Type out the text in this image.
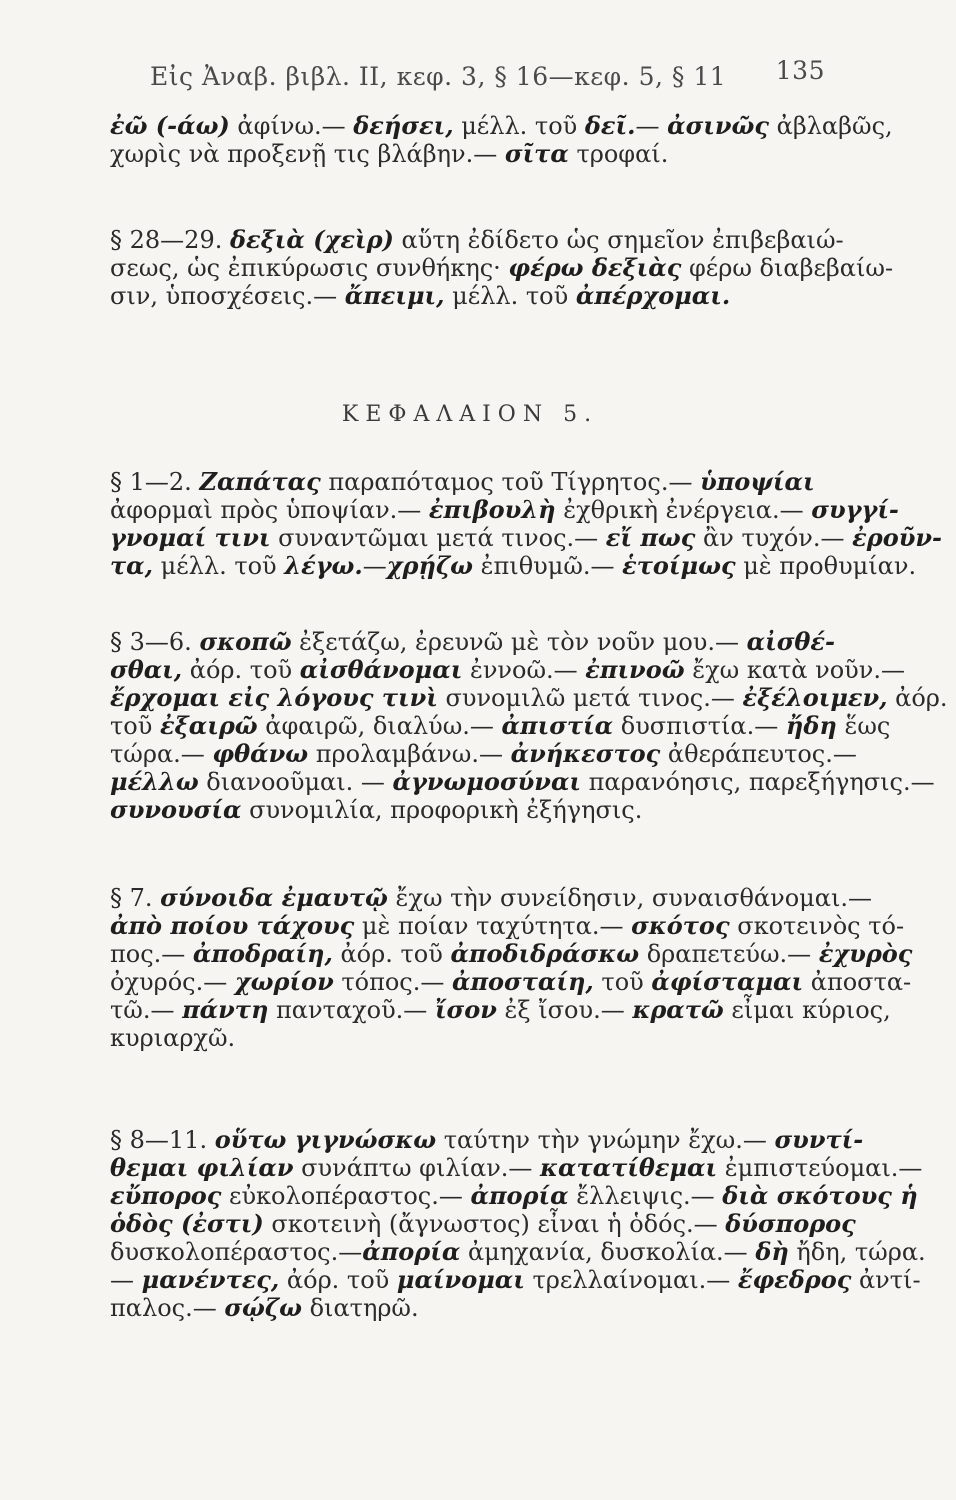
Εἰς Ἀναβ. βιβλ. ΙΙ, κεφ. 3, § 16—κεφ. 5, § 11 135
ἐῶ (-άω) ἀφίνω.— δεήσει, μέλλ. τοῦ δεῖ.— ἀσινῶς ἀβλαβῶς,
χωρὶς νὰ προξενῇ τις βλάβην.— σῖτα τροφαί.
§ 28—29. δεξιὰ (χεὶρ) αὕτη ἐδίδετο ὡς σημεῖον ἐπιβεβαιώ-
σεως, ὡς ἐπικύρωσις συνθήκης· φέρω δεξιὰς φέρω διαβεβαίω-
σιν, ὑποσχέσεις.— ἄπειμι, μέλλ. τοῦ ἀπέρχομαι.
ΚΕΦΑΛΑΙΟΝ 5.
§ 1—2. Ζαπάτας παραπόταμος τοῦ Τίγρητος.— ὑποψίαι
ἀφορμαὶ πρὸς ὑποψίαν.— ἐπιβουλὴ ἐχθρικὴ ἐνέργεια.— συγγί-
γνομαί τινι συναντῶμαι μετά τινος.— εἴ πως ἂν τυχόν.— ἐροῦν-
τα, μέλλ. τοῦ λέγω.—χρῄζω ἐπιθυμῶ.— ἑτοίμως μὲ προθυμίαν.
§ 3—6. σκοπῶ ἐξετάζω, ἐρευνῶ μὲ τὸν νοῦν μου.— αἰσθέ-
σθαι, ἀόρ. τοῦ αἰσθάνομαι ἐννοῶ.— ἐπινοῶ ἔχω κατὰ νοῦν.—
ἔρχομαι εἰς λόγους τινὶ συνομιλῶ μετά τινος.— ἐξέλοιμεν, ἀόρ.
τοῦ ἐξαιρῶ ἀφαιρῶ, διαλύω.— ἀπιστία δυσπιστία.— ἤδη ἕως
τώρα.— φθάνω προλαμβάνω.— ἀνήκεστος ἀθεράπευτος.—
μέλλω διανοοῦμαι. — ἀγνωμοσύναι παρανόησις, παρεξήγησις.—
συνουσία συνομιλία, προφορικὴ ἐξήγησις.
§ 7. σύνοιδα ἐμαυτῷ ἔχω τὴν συνείδησιν, συναισθάνομαι.—
ἀπὸ ποίου τάχους μὲ ποίαν ταχύτητα.— σκότος σκοτεινὸς τό-
πος.— ἀποδραίη, ἀόρ. τοῦ ἀποδιδράσκω δραπετεύω.— ἐχυρὸς
ὀχυρός.— χωρίον τόπος.— ἀποσταίη, τοῦ ἀφίσταμαι ἀποστα-
τῶ.— πάντη πανταχοῦ.— ἴσον ἐξ ἴσου.— κρατῶ εἶμαι κύριος,
κυριαρχῶ.
§ 8—11. οὕτω γιγνώσκω ταύτην τὴν γνώμην ἔχω.— συντί-
θεμαι φιλίαν συνάπτω φιλίαν.— κατατίθεμαι ἐμπιστεύομαι.—
εὔπορος εὐκολοπέραστος.— ἀπορία ἔλλειψις.— διὰ σκότους ἡ
ὁδὸς (ἐστι) σκοτεινὴ (ἄγνωστος) εἶναι ἡ ὁδός.— δύσπορος
δυσκολοπέραστος.—ἀπορία ἀμηχανία, δυσκολία.— δὴ ἤδη, τώρα.
— μανέντες, ἀόρ. τοῦ μαίνομαι τρελλαίνομαι.— ἔφεδρος ἀντί-
παλος.— σῴζω διατηρῶ.
